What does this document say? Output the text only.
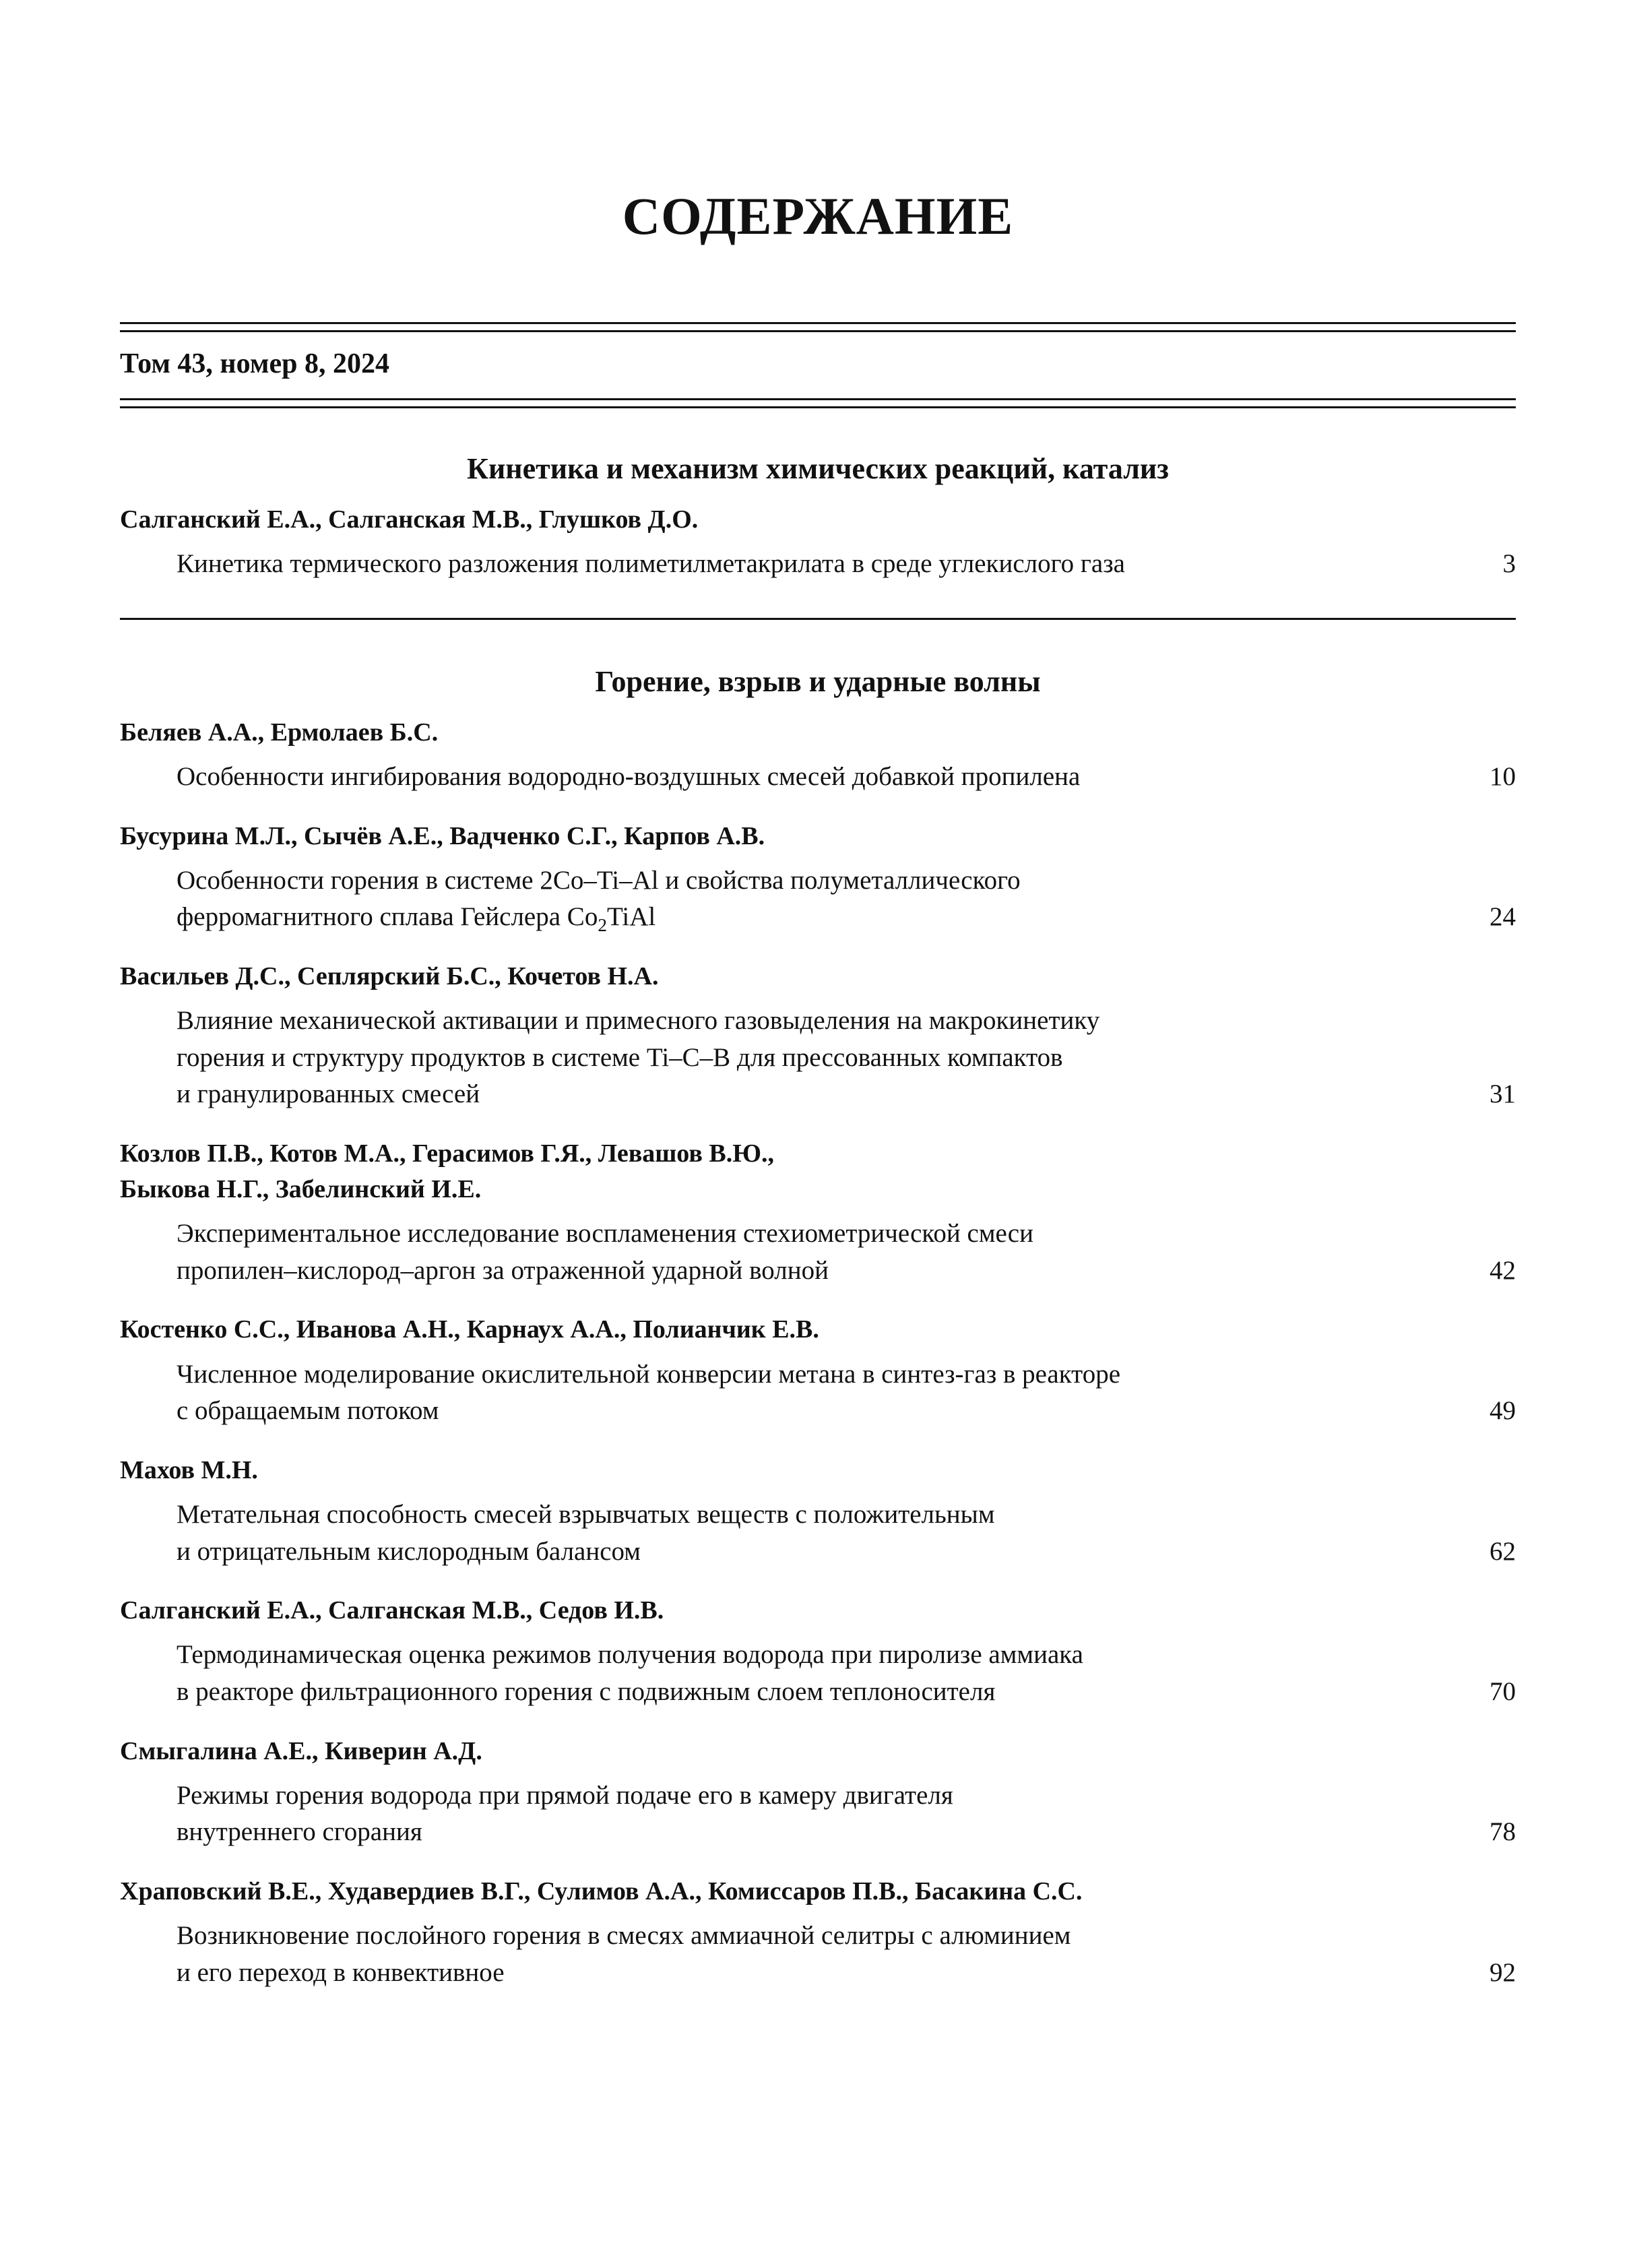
СОДЕРЖАНИЕ
Том 43, номер 8, 2024
Кинетика и механизм химических реакций, катализ
Салганский Е.А., Салганская М.В., Глушков Д.О.
Кинетика термического разложения полиметилметакрилата в среде углекислого газа	3
Горение, взрыв и ударные волны
Беляев А.А., Ермолаев Б.С.
Особенности ингибирования водородно-воздушных смесей добавкой пропилена	10
Бусурина М.Л., Сычёв А.Е., Вадченко С.Г., Карпов А.В.
Особенности горения в системе 2Co–Ti–Al и свойства полуметаллического
ферромагнитного сплава Гейслера $Co_2TiAl$	24
Васильев Д.С., Сеплярский Б.С., Кочетов Н.А.
Влияние механической активации и примесного газовыделения на макрокинетику
горения и структуру продуктов в системе Ti–C–B для прессованных компактов
и гранулированных смесей	31
Козлов П.В., Котов М.А., Герасимов Г.Я., Левашов В.Ю.,
Быкова Н.Г., Забелинский И.Е.
Экспериментальное исследование воспламенения стехиометрической смеси
пропилен–кислород–аргон за отраженной ударной волной	42
Костенко С.С., Иванова А.Н., Карнаух А.А., Полианчик Е.В.
Численное моделирование окислительной конверсии метана в синтез-газ в реакторе
с обращаемым потоком	49
Махов М.Н.
Метательная способность смесей взрывчатых веществ с положительным
и отрицательным кислородным балансом	62
Салганский Е.А., Салганская М.В., Седов И.В.
Термодинамическая оценка режимов получения водорода при пиролизе аммиака
в реакторе фильтрационного горения с подвижным слоем теплоносителя	70
Смыгалина А.Е., Киверин А.Д.
Режимы горения водорода при прямой подаче его в камеру двигателя
внутреннего сгорания	78
Храповский В.Е., Худавердиев В.Г., Сулимов А.А., Комиссаров П.В., Басакина С.С.
Возникновение послойного горения в смесях аммиачной селитры с алюминием
и его переход в конвективное	92
